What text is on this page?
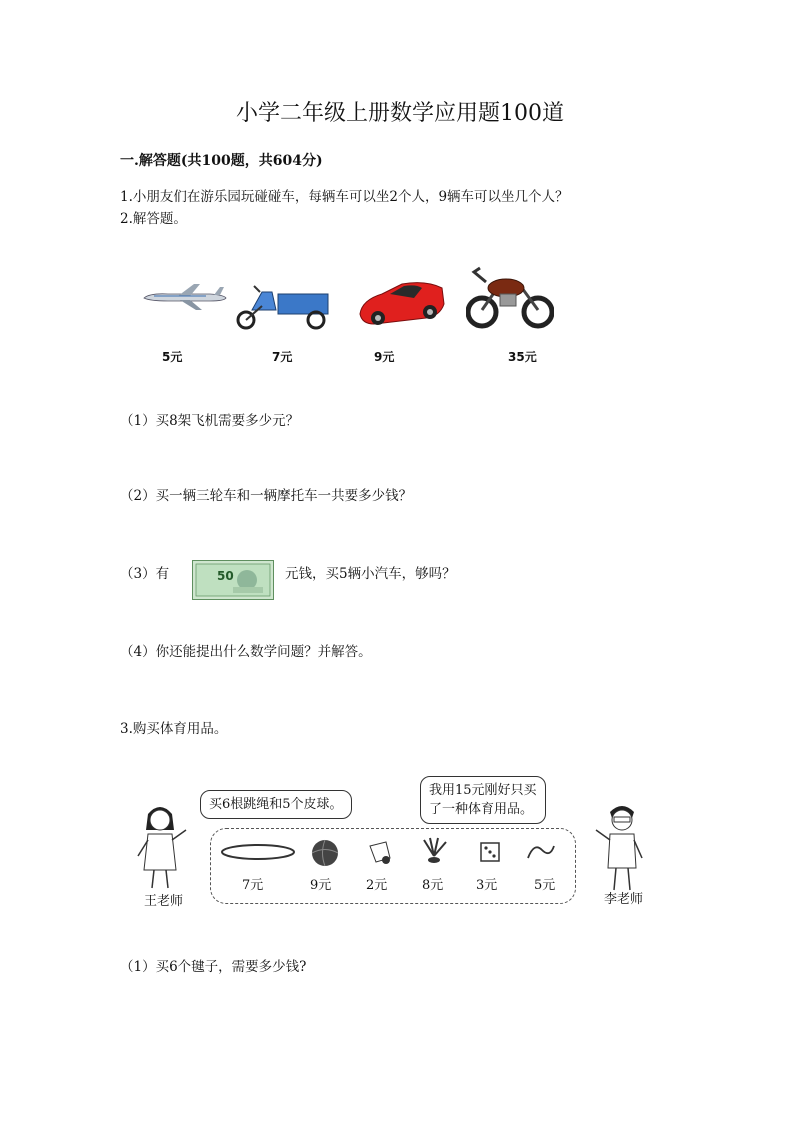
小学二年级上册数学应用题100道
一.解答题(共100题，共604分)
1.小朋友们在游乐园玩碰碰车，每辆车可以坐2个人，9辆车可以坐几个人？
2.解答题。
5元	7元	9元	35元
（1）买8架飞机需要多少元？
（2）买一辆三轮车和一辆摩托车一共要多少钱？
（3）有	50	元钱，买5辆小汽车，够吗？
（4）你还能提出什么数学问题？并解答。
3.购买体育用品。
买6根跳绳和5个皮球。
我用15元刚好只买
了一种体育用品。
7元	9元	2元	8元	3元	5元
王老师	李老师
（1）买6个毽子，需要多少钱?
